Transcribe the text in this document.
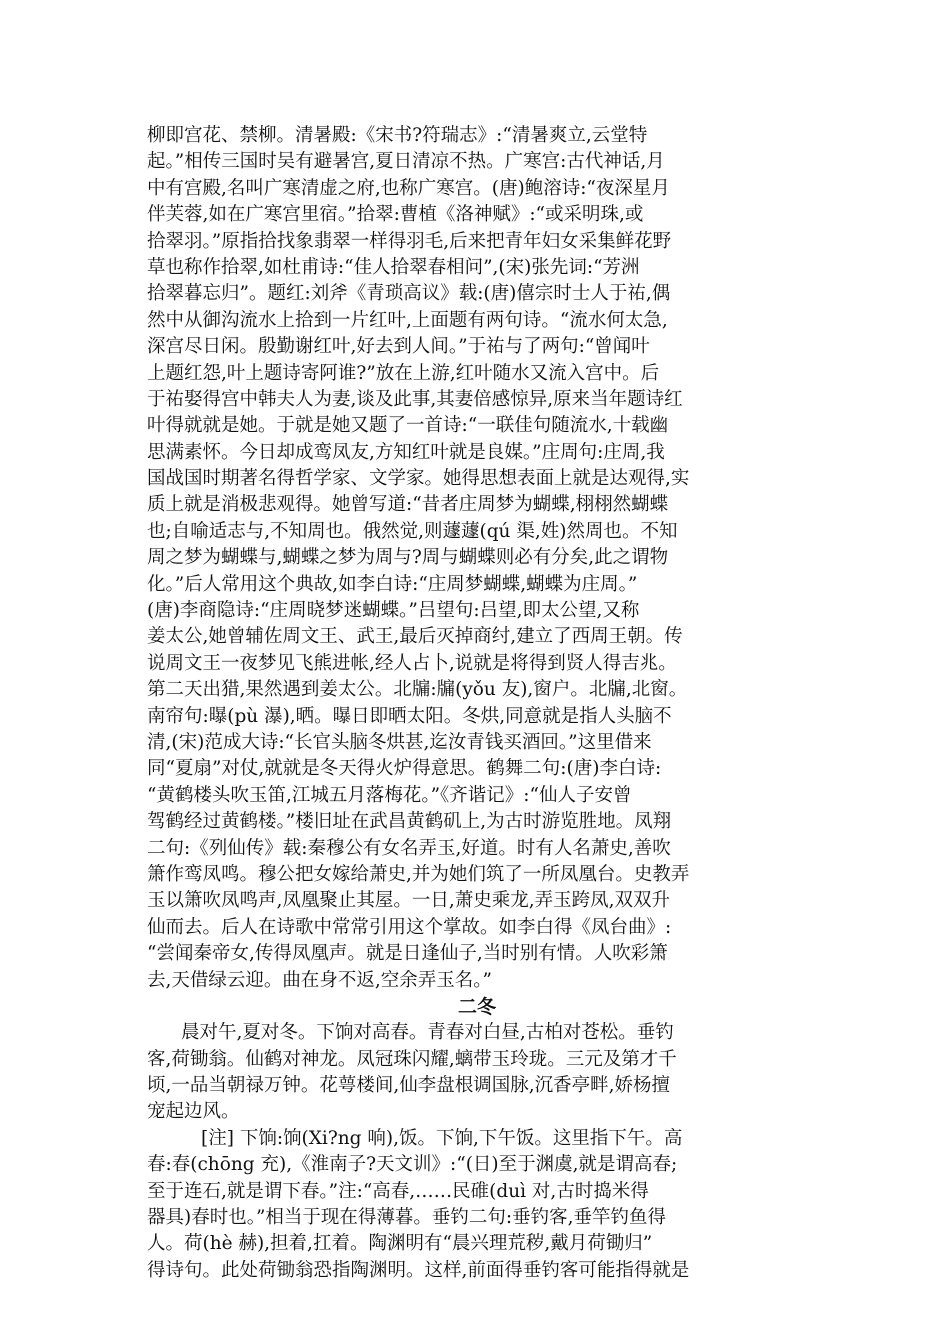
柳即宫花、禁柳。清暑殿:《宋书?符瑞志》:“清暑爽立,云堂特
起。”相传三国时吴有避暑宫,夏日清凉不热。广寒宫:古代神话,月
中有宫殿,名叫广寒清虚之府,也称广寒宫。(唐)鲍溶诗:“夜深星月
伴芙蓉,如在广寒宫里宿。”拾翠:曹植《洛神赋》:“或采明珠,或
拾翠羽。”原指拾找象翡翠一样得羽毛,后来把青年妇女采集鲜花野
草也称作拾翠,如杜甫诗:“佳人拾翠春相问”,(宋)张先词:“芳洲
拾翠暮忘归”。题红:刘斧《青琐高议》载:(唐)僖宗时士人于祐,偶
然中从御沟流水上拾到一片红叶,上面题有两句诗。“流水何太急,
深宫尽日闲。殷勤谢红叶,好去到人间。”于祐与了两句:“曾闻叶
上题红怨,叶上题诗寄阿谁?”放在上游,红叶随水又流入宫中。后
于祐娶得宫中韩夫人为妻,谈及此事,其妻倍感惊异,原来当年题诗红
叶得就就是她。于就是她又题了一首诗:“一联佳句随流水,十载幽
思满素怀。今日却成鸾凤友,方知红叶就是良媒。”庄周句:庄周,我
国战国时期著名得哲学家、文学家。她得思想表面上就是达观得,实
质上就是消极悲观得。她曾写道:“昔者庄周梦为蝴蝶,栩栩然蝴蝶
也;自喻适志与,不知周也。俄然觉,则蘧蘧(qú 渠,姓)然周也。不知
周之梦为蝴蝶与,蝴蝶之梦为周与?周与蝴蝶则必有分矣,此之谓物
化。”后人常用这个典故,如李白诗:“庄周梦蝴蝶,蝴蝶为庄周。”
(唐)李商隐诗:“庄周晓梦迷蝴蝶。”吕望句:吕望,即太公望,又称
姜太公,她曾辅佐周文王、武王,最后灭掉商纣,建立了西周王朝。传
说周文王一夜梦见飞熊进帐,经人占卜,说就是将得到贤人得吉兆。
第二天出猎,果然遇到姜太公。北牖:牖(yǒu 友),窗户。北牖,北窗。
南帘句:曝(pù 瀑),晒。曝日即晒太阳。冬烘,同意就是指人头脑不
清,(宋)范成大诗:“长官头脑冬烘甚,迄汝青钱买酒回。”这里借来
同“夏扇”对仗,就就是冬天得火炉得意思。鹤舞二句:(唐)李白诗:
“黄鹤楼头吹玉笛,江城五月落梅花。”《齐谐记》:“仙人子安曾
驾鹤经过黄鹤楼。”楼旧址在武昌黄鹤矶上,为古时游览胜地。凤翔
二句:《列仙传》载:秦穆公有女名弄玉,好道。时有人名萧史,善吹
箫作鸾凤鸣。穆公把女嫁给萧史,并为她们筑了一所凤凰台。史教弄
玉以箫吹凤鸣声,凤凰聚止其屋。一日,萧史乘龙,弄玉跨凤,双双升
仙而去。后人在诗歌中常常引用这个掌故。如李白得《凤台曲》:
“尝闻秦帝女,传得凤凰声。就是日逢仙子,当时别有情。人吹彩箫
去,天借绿云迎。曲在身不返,空余弄玉名。”
二冬
晨对午,夏对冬。下饷对高春。青春对白昼,古柏对苍松。垂钓
客,荷锄翁。仙鹤对神龙。凤冠珠闪耀,螭带玉玲珑。三元及第才千
顷,一品当朝禄万钟。花萼楼间,仙李盘根调国脉,沉香亭畔,娇杨擅
宠起边风。
[注] 下饷:饷(Xi?ng 响),饭。下饷,下午饭。这里指下午。高
春:春(chōng 充),《淮南子?天文训》:“(日)至于渊虞,就是谓高春;
至于连石,就是谓下春。”注:“高春,……民碓(duì 对,古时捣米得
器具)春时也。”相当于现在得薄暮。垂钓二句:垂钓客,垂竿钓鱼得
人。荷(hè 赫),担着,扛着。陶渊明有“晨兴理荒秽,戴月荷锄归”
得诗句。此处荷锄翁恐指陶渊明。这样,前面得垂钓客可能指得就是
